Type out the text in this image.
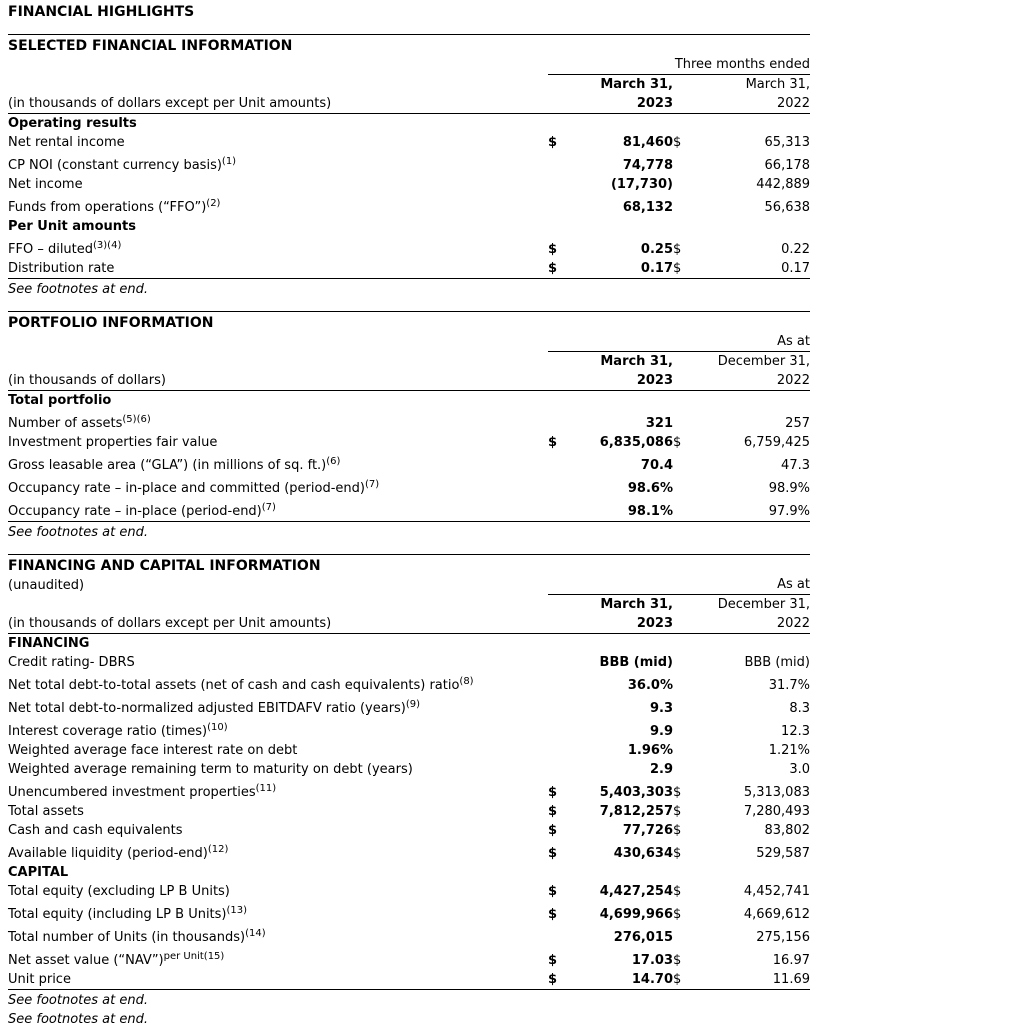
FINANCIAL HIGHLIGHTS
SELECTED FINANCIAL INFORMATION
	Three months ended			
	March 31,		March 31,	
(in thousands of dollars except per Unit amounts)	2023		2022	
Operating results				
Net rental income	$	81,460	$	65,313
CP NOI (constant currency basis)$^{(1)}$		74,778		66,178
Net income		(17,730)		442,889
Funds from operations (“FFO”)$^{(2)}$		68,132		56,638
Per Unit amounts				
FFO – diluted$^{(3)(4)}$	$	0.25	$	0.22
Distribution rate	$	0.17	$	0.17
See footnotes at end.
PORTFOLIO INFORMATION
	As at			
	March 31,		December 31,	
(in thousands of dollars)	2023		2022	
Total portfolio				
Number of assets$^{(5)(6)}$		321		257
Investment properties fair value	$	6,835,086	$	6,759,425
Gross leasable area (“GLA”) (in millions of sq. ft.)$^{(6)}$		70.4		47.3
Occupancy rate – in-place and committed (period-end)$^{(7)}$		98.6%		98.9%
Occupancy rate – in-place (period-end)$^{(7)}$		98.1%		97.9%
See footnotes at end.
FINANCING AND CAPITAL INFORMATION
(unaudited)	As at			
	March 31,		December 31,	
(in thousands of dollars except per Unit amounts)	2023		2022	
FINANCING				
Credit rating- DBRS		BBB (mid)		BBB (mid)
Net total debt-to-total assets (net of cash and cash equivalents) ratio$^{(8)}$		36.0%		31.7%
Net total debt-to-normalized adjusted EBITDAFV ratio (years)$^{(9)}$		9.3		8.3
Interest coverage ratio (times)$^{(10)}$		9.9		12.3
Weighted average face interest rate on debt		1.96%		1.21%
Weighted average remaining term to maturity on debt (years)		2.9		3.0
Unencumbered investment properties$^{(11)}$	$	5,403,303	$	5,313,083
Total assets	$	7,812,257	$	7,280,493
Cash and cash equivalents	$	77,726	$	83,802
Available liquidity (period-end)$^{(12)}$	$	430,634	$	529,587
CAPITAL				
Total equity (excluding LP B Units)	$	4,427,254	$	4,452,741
Total equity (including LP B Units)$^{(13)}$	$	4,699,966	$	4,669,612
Total number of Units (in thousands)$^{(14)}$		276,015		275,156
Net asset value (“NAV”)$^{per Unit(15)}$	$	17.03	$	16.97
Unit price	$	14.70	$	11.69
See footnotes at end.
See footnotes at end.
